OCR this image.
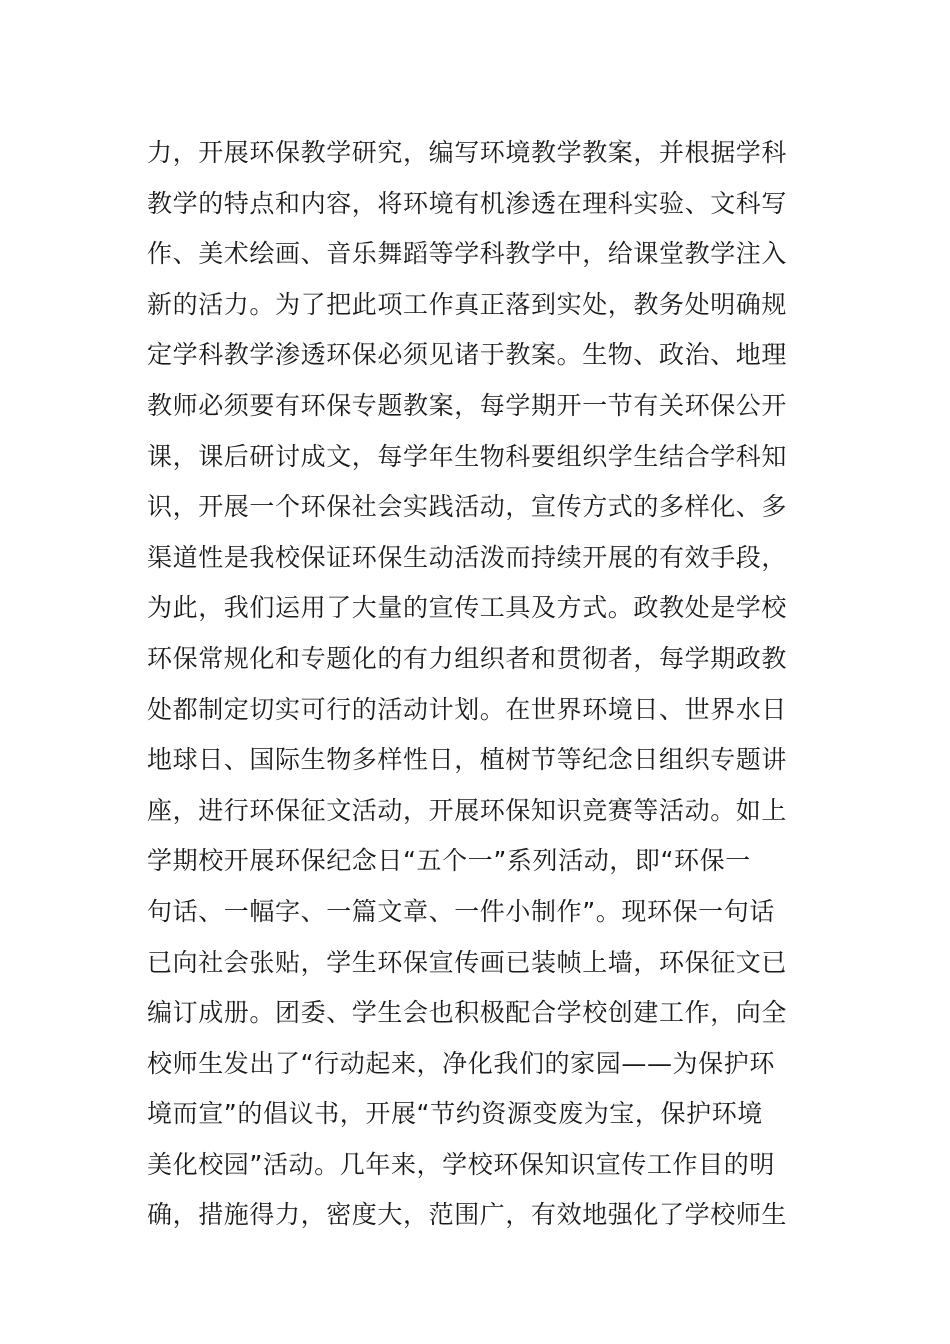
力，开展环保教学研究，编写环境教学教案，并根据学科
教学的特点和内容，将环境有机渗透在理科实验、文科写
作、美术绘画、音乐舞蹈等学科教学中，给课堂教学注入
新的活力。为了把此项工作真正落到实处，教务处明确规
定学科教学渗透环保必须见诸于教案。生物、政治、地理
教师必须要有环保专题教案，每学期开一节有关环保公开
课，课后研讨成文，每学年生物科要组织学生结合学科知
识，开展一个环保社会实践活动，宣传方式的多样化、多
渠道性是我校保证环保生动活泼而持续开展的有效手段，
为此，我们运用了大量的宣传工具及方式。政教处是学校
环保常规化和专题化的有力组织者和贯彻者，每学期政教
处都制定切实可行的活动计划。在世界环境日、世界水日
地球日、国际生物多样性日，植树节等纪念日组织专题讲
座，进行环保征文活动，开展环保知识竞赛等活动。如上
学期校开展环保纪念日“五个一”系列活动，即“环保一
句话、一幅字、一篇文章、一件小制作”。现环保一句话
已向社会张贴，学生环保宣传画已装帧上墙，环保征文已
编订成册。团委、学生会也积极配合学校创建工作，向全
校师生发出了“行动起来，净化我们的家园——为保护环
境而宣”的倡议书，开展“节约资源变废为宝，保护环境
美化校园”活动。几年来，学校环保知识宣传工作目的明
确，措施得力，密度大，范围广，有效地强化了学校师生
